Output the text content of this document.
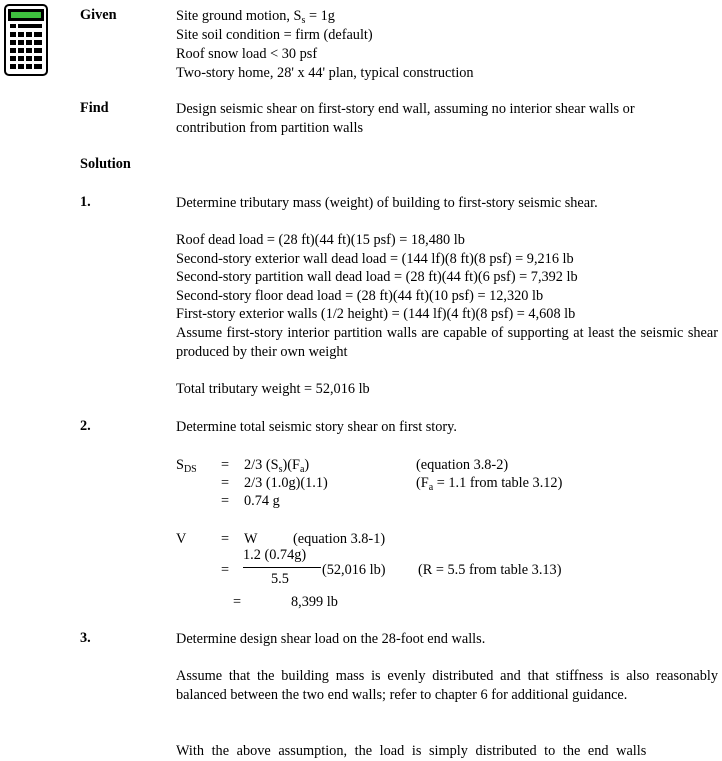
Given	Site ground motion, $S_s = 1g$
Site soil condition = firm (default)
Roof snow load < 30 psf
Two-story home, 28' x 44' plan, typical construction
Find	Design seismic shear on first-story end wall, assuming no interior shear walls or
contribution from partition walls
Solution
1.	Determine tributary mass (weight) of building to first-story seismic shear.
Roof dead load = (28 ft)(44 ft)(15 psf) = 18,480 lb
Second-story exterior wall dead load = (144 lf)(8 ft)(8 psf) = 9,216 lb
Second-story partition wall dead load = (28 ft)(44 ft)(6 psf) = 7,392 lb
Second-story floor dead load = (28 ft)(44 ft)(10 psf) = 12,320 lb
First-story exterior walls (1/2 height) = (144 lf)(4 ft)(8 psf) = 4,608 lb
Assume first-story interior partition walls are capable of supporting at least the seismic shear produced by their own weight
Total tributary weight = 52,016 lb
2.	Determine total seismic story shear on first story.
$S_{DS} = 2/3$ $(S_s)(F_a)$	(equation 3.8-2)
= 2/3 (1.0g)(1.1)	($F_a = 1.1$ from table 3.12)
= 0.74 g
V = W (equation 3.8-1)
=
1.2 (0.74g)
5.5
(52,016 lb) (R = 5.5 from table 3.13)
=	8,399 lb
3.	Determine design shear load on the 28-foot end walls.
Assume that the building mass is evenly distributed and that stiffness is also reasonably balanced between the two end walls; refer to chapter 6 for additional guidance.
With the above assumption, the load is simply distributed to the end walls
